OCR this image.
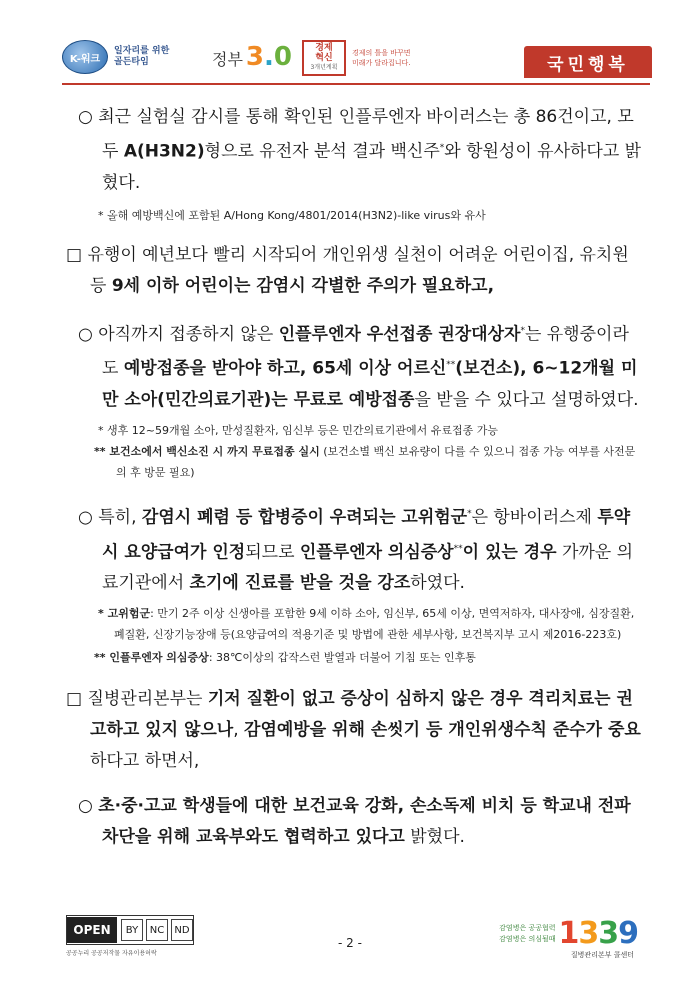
K-워크
일자리를 위한
골든타임	정부 3.0	경제
혁신
3개년계획
경제의 틀을 바꾸면
미래가 달라집니다.	국민행복
○ 최근 실험실 감시를 통해 확인된 인플루엔자 바이러스는 총 86건이고, 모두 A(H3N2)형으로 유전자 분석 결과 백신주*와 항원성이 유사하다고 밝혔다.
* 올해 예방백신에 포함된 A/Hong Kong/4801/2014(H3N2)-like virus와 유사
□ 유행이 예년보다 빨리 시작되어 개인위생 실천이 어려운 어린이집, 유치원 등 9세 이하 어린이는 감염시 각별한 주의가 필요하고,
○ 아직까지 접종하지 않은 인플루엔자 우선접종 권장대상자*는 유행중이라도 예방접종을 받아야 하고, 65세 이상 어르신**(보건소), 6~12개월 미만 소아(민간의료기관)는 무료로 예방접종을 받을 수 있다고 설명하였다.
* 생후 12~59개월 소아, 만성질환자, 임신부 등은 민간의료기관에서 유료접종 가능
** 보건소에서 백신소진 시 까지 무료접종 실시 (보건소별 백신 보유량이 다를 수 있으니 접종 가능 여부를 사전문의 후 방문 필요)
○ 특히, 감염시 폐렴 등 합병증이 우려되는 고위험군*은 항바이러스제 투약 시 요양급여가 인정되므로 인플루엔자 의심증상**이 있는 경우 가까운 의료기관에서 초기에 진료를 받을 것을 강조하였다.
* 고위험군: 만기 2주 이상 신생아를 포함한 9세 이하 소아, 임신부, 65세 이상, 면역저하자, 대사장애, 심장질환, 폐질환, 신장기능장애 등(요양급여의 적용기준 및 방법에 관한 세부사항, 보건복지부 고시 제2016-223호)
** 인플루엔자 의심증상: 38℃이상의 갑작스런 발열과 더불어 기침 또는 인후통
□ 질병관리본부는 기저 질환이 없고 증상이 심하지 않은 경우 격리치료는 권고하고 있지 않으나, 감염예방을 위해 손씻기 등 개인위생수칙 준수가 중요하다고 하면서,
○ 초·중·고교 학생들에 대한 보건교육 강화, 손소독제 비치 등 학교내 전파차단을 위해 교육부와도 협력하고 있다고 밝혔다.
OPEN	BY	NC	ND
공공누리 공공저작물 자유이용허락
- 2 -
감염병은 공공협력
감염병은 의심될때 1339
질병관리본부 콜센터
